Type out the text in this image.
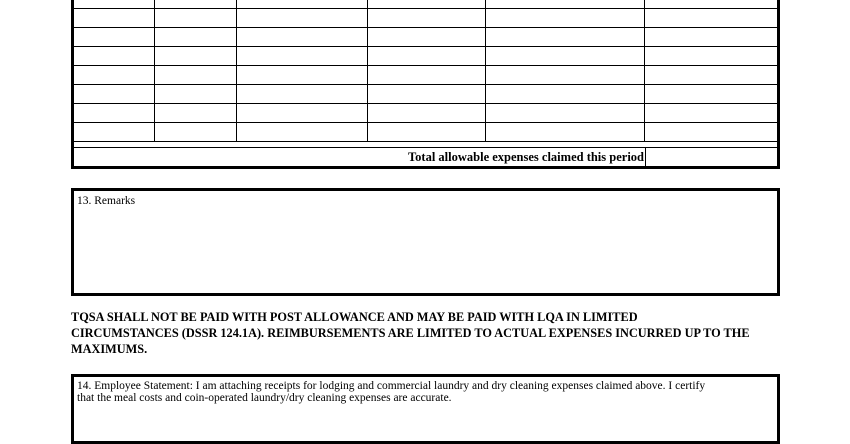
Total allowable expenses claimed this period
13. Remarks
TQSA SHALL NOT BE PAID WITH POST ALLOWANCE AND MAY BE PAID WITH LQA IN LIMITED
CIRCUMSTANCES (DSSR 124.1A). REIMBURSEMENTS ARE LIMITED TO ACTUAL EXPENSES INCURRED UP TO THE
MAXIMUMS.
14. Employee Statement: I am attaching receipts for lodging and commercial laundry and dry cleaning expenses claimed above. I certify
that the meal costs and coin-operated laundry/dry cleaning expenses are accurate.
